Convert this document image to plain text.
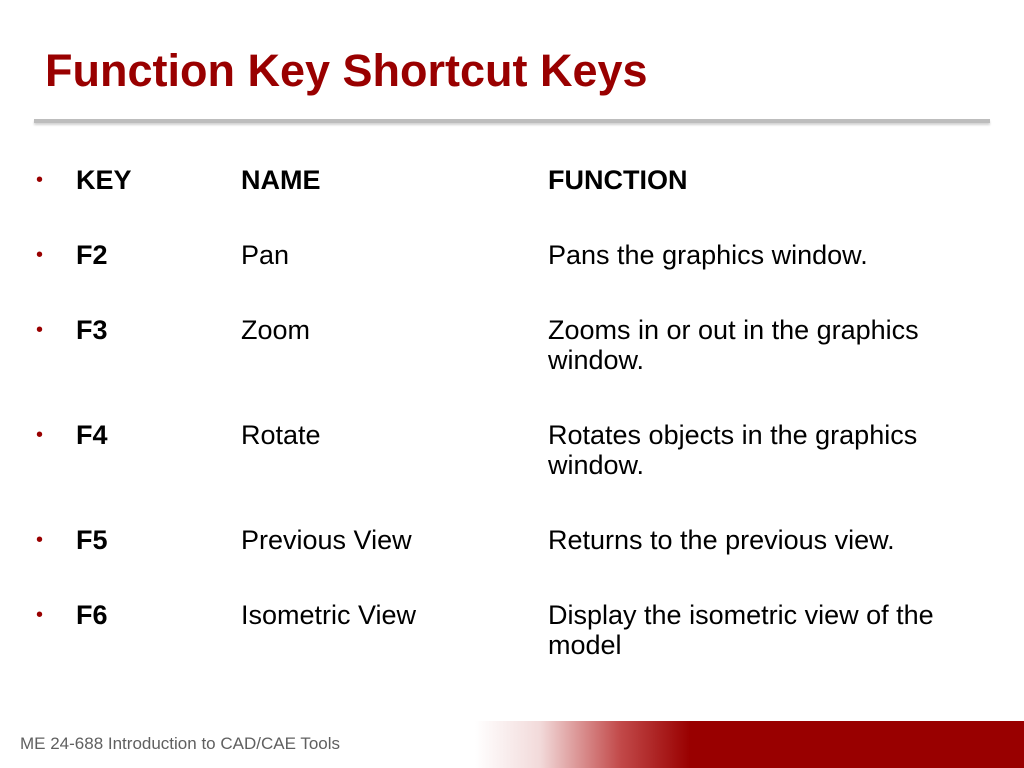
Function Key Shortcut Keys
• KEY	NAME	FUNCTION
• F2	Pan	Pans the graphics window.
• F3	Zoom	Zooms in or out in the graphics window.
• F4	Rotate	Rotates objects in the graphics window.
• F5	Previous View	Returns to the previous view.
• F6	Isometric View	Display the isometric view of the model
ME 24-688 Introduction to CAD/CAE Tools
